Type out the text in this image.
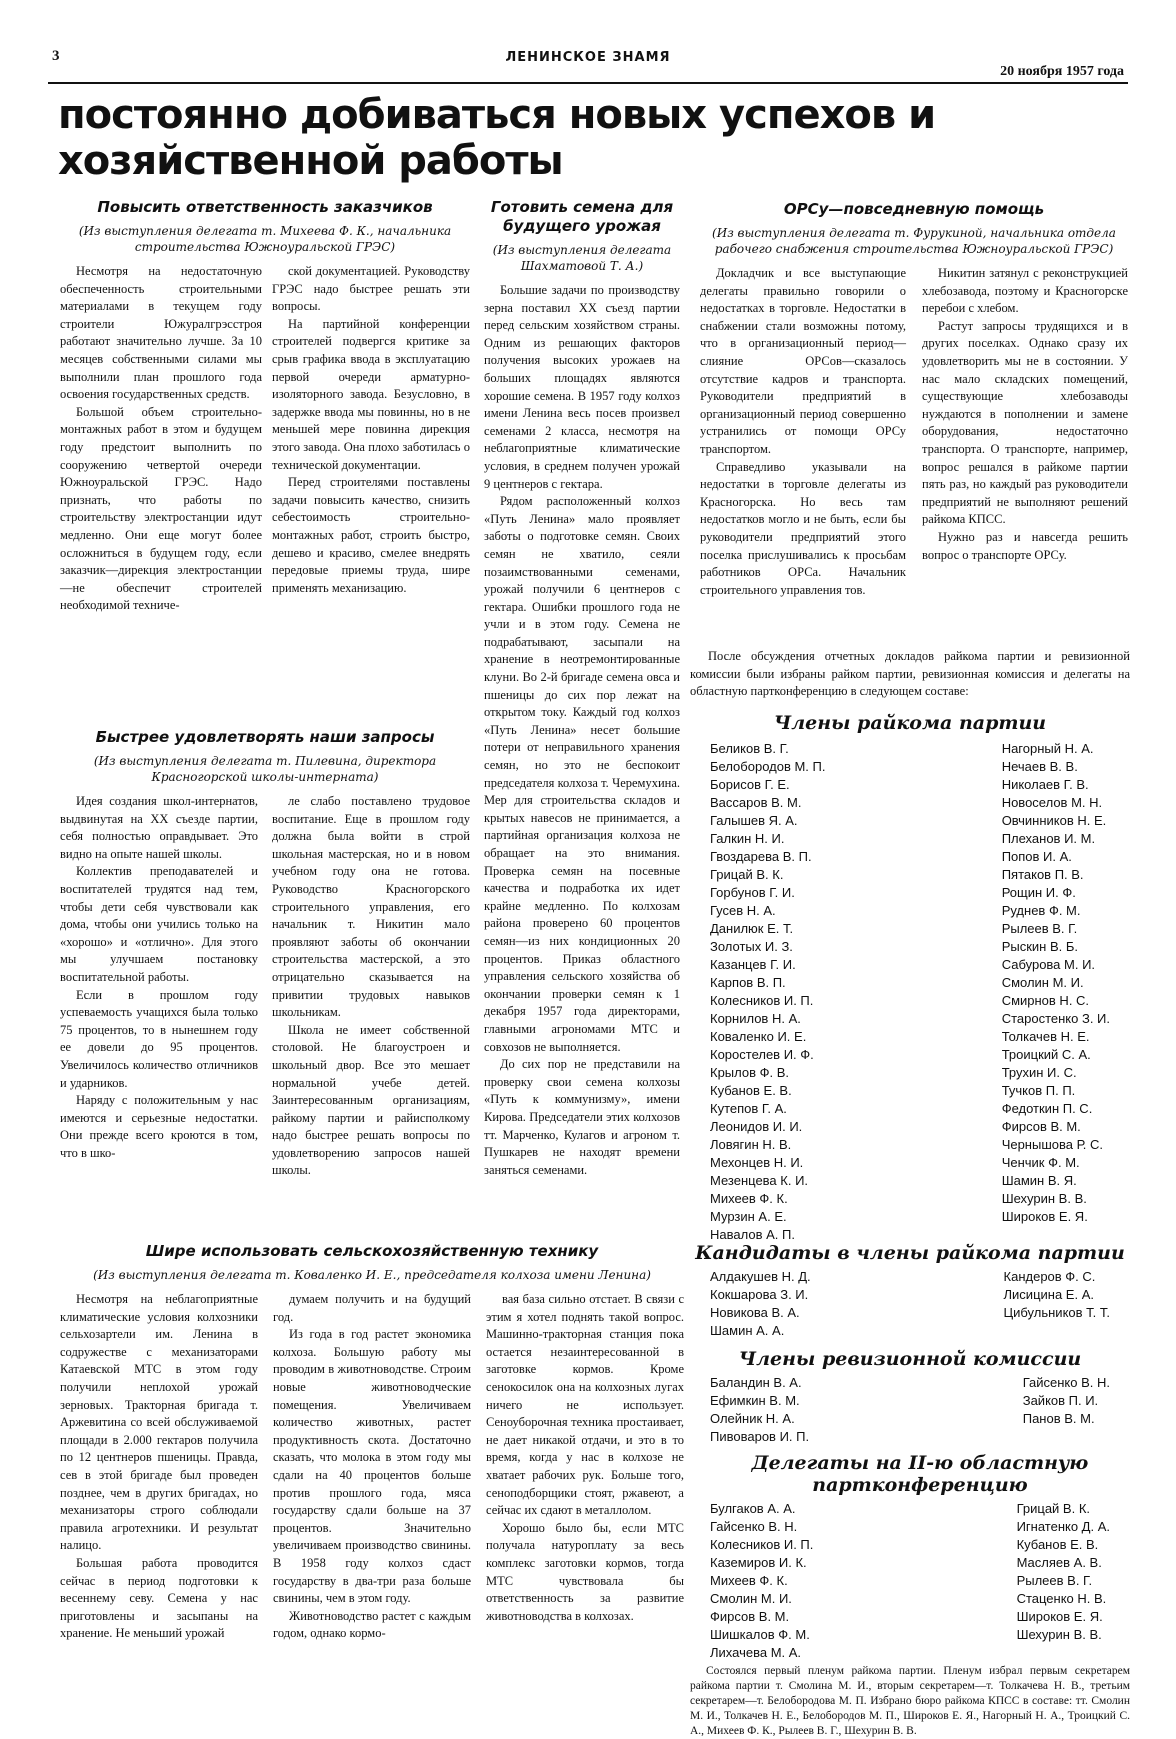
3	ЛЕНИНСКОЕ ЗНАМЯ
20 ноября 1957 года
постоянно добиваться новых успехов и хозяйственной работы
Повысить ответственность заказчиков
(Из выступления делегата т. Михеева Ф. К., начальника строительства Южноуральской ГРЭС)

Несмотря на недостаточную обеспеченность строительными материалами в текущем году строители Южуралгрэсстроя работают значительно лучше. За 10 месяцев собственными силами мы выполнили план прошлого года освоения государственных средств.

Большой объем строительно-монтажных работ в этом и будущем году предстоит выполнить по сооружению четвертой очереди Южноуральской ГРЭС. Надо признать, что работы по строительству электростанции идут медленно. Они еще могут более осложниться в будущем году, если заказчик—дирекция электростанции—не обеспечит строителей необходимой техниче-

ской документацией. Руководству ГРЭС надо быстрее решать эти вопросы.

На партийной конференции строителей подвергся критике за срыв графика ввода в эксплуатацию первой очереди арматурно-изоляторного завода. Безусловно, в задержке ввода мы повинны, но в не меньшей мере повинна дирекция этого завода. Она плохо заботилась о технической документации.

Перед строителями поставлены задачи повысить качество, снизить себестоимость строительно-монтажных работ, строить быстро, дешево и красиво, смелее внедрять передовые приемы труда, шире применять механизацию.

Готовить семена для будущего урожая
(Из выступления делегата Шахматовой Т. А.)

Большие задачи по производству зерна поставил XX съезд партии перед сельским хозяйством страны. Одним из решающих факторов получения высоких урожаев на больших площадях являются хорошие семена. В 1957 году колхоз имени Ленина весь посев произвел семенами 2 класса, несмотря на неблагоприятные климатические условия, в среднем получен урожай 9 центнеров с гектара.

Рядом расположенный колхоз «Путь Ленина» мало проявляет заботы о подготовке семян. Своих семян не хватило, сеяли позаимствованными семенами, урожай получили 6 центнеров с гектара. Ошибки прошлого года не учли и в этом году. Семена не подрабатывают, засыпали на хранение в неотремонтированные клуни. Во 2-й бригаде семена овса и пшеницы до сих пор лежат на открытом току. Каждый год колхоз «Путь Ленина» несет большие потери от неправильного хранения семян, но это не беспокоит председателя колхоза т. Черемухина. Мер для строительства складов и крытых навесов не принимается, а партийная организация колхоза не обращает на это внимания. Проверка семян на посевные качества и подработка их идет крайне медленно. По колхозам района проверено 60 процентов семян—из них кондиционных 20 процентов. Приказ областного управления сельского хозяйства об окончании проверки семян к 1 декабря 1957 года директорами, главными агрономами МТС и совхозов не выполняется.

До сих пор не представили на проверку свои семена колхозы «Путь к коммунизму», имени Кирова. Председатели этих колхозов тт. Марченко, Кулагов и агроном т. Пушкарев не находят времени заняться семенами.

ОРСу—повседневную помощь
(Из выступления делегата т. Фурукиной, начальника отдела рабочего снабжения строительства Южноуральской ГРЭС)

Докладчик и все выступающие делегаты правильно говорили о недостатках в торговле. Недостатки в снабжении стали возможны потому, что в организационный период—слияние ОРСов—сказалось отсутствие кадров и транспорта. Руководители предприятий в организационный период совершенно устранились от помощи ОРСу транспортом.

Справедливо указывали на недостатки в торговле делегаты из Красногорска. Но весь там недостатков могло и не быть, если бы руководители предприятий этого поселка прислушивались к просьбам работников ОРСа. Начальник строительного управления тов.

Никитин затянул с реконструкцией хлебозавода, поэтому и Красногорске перебои с хлебом.

Растут запросы трудящихся и в других поселках. Однако сразу их удовлетворить мы не в состоянии. У нас мало складских помещений, существующие хлебозаводы нуждаются в пополнении и замене оборудования, недостаточно транспорта. О транспорте, например, вопрос решался в райкоме партии пять раз, но каждый раз руководители предприятий не выполняют решений райкома КПСС.

Нужно раз и навсегда решить вопрос о транспорте ОРСу.

Быстрее удовлетворять наши запросы
(Из выступления делегата т. Пилевина, директора Красногорской школы-интерната)

Идея создания школ-интернатов, выдвинутая на XX съезде партии, себя полностью оправдывает. Это видно на опыте нашей школы.

Коллектив преподавателей и воспитателей трудятся над тем, чтобы дети себя чувствовали как дома, чтобы они учились только на «хорошо» и «отлично». Для этого мы улучшаем постановку воспитательной работы.

Если в прошлом году успеваемость учащихся была только 75 процентов, то в нынешнем году ее довели до 95 процентов. Увеличилось количество отличников и ударников.

Наряду с положительным у нас имеются и серьезные недостатки. Они прежде всего кроются в том, что в шко-

ле слабо поставлено трудовое воспитание. Еще в прошлом году должна была войти в строй школьная мастерская, но и в новом учебном году она не готова. Руководство Красногорского строительного управления, его начальник т. Никитин мало проявляют заботы об окончании строительства мастерской, а это отрицательно сказывается на привитии трудовых навыков школьникам.

Школа не имеет собственной столовой. Не благоустроен и школьный двор. Все это мешает нормальной учебе детей. Заинтересованным организациям, райкому партии и райисполкому надо быстрее решать вопросы по удовлетворению запросов нашей школы.

Шире использовать сельскохозяйственную технику
(Из выступления делегата т. Коваленко И. Е., председателя колхоза имени Ленина)

Несмотря на неблагоприятные климатические условия колхозники сельхозартели им. Ленина в содружестве с механизаторами Катаевской МТС в этом году получили неплохой урожай зерновых. Тракторная бригада т. Аржевитина со всей обслуживаемой площади в 2.000 гектаров получила по 12 центнеров пшеницы. Правда, сев в этой бригаде был проведен позднее, чем в других бригадах, но механизаторы строго соблюдали правила агротехники. И результат налицо.

Большая работа проводится сейчас в период подготовки к весеннему севу. Семена у нас приготовлены и засыпаны на хранение. Не меньший урожай

думаем получить и на будущий год.

Из года в год растет экономика колхоза. Большую работу мы проводим в животноводстве. Строим новые животноводческие помещения. Увеличиваем количество животных, растет продуктивность скота. Достаточно сказать, что молока в этом году мы сдали на 40 процентов больше против прошлого года, мяса государству сдали больше на 37 процентов. Значительно увеличиваем производство свинины. В 1958 году колхоз сдаст государству в два-три раза больше свинины, чем в этом году.

Животноводство растет с каждым годом, однако кормо-

вая база сильно отстает. В связи с этим я хотел поднять такой вопрос. Машинно-тракторная станция пока остается незаинтересованной в заготовке кормов. Кроме сенокосилок она на колхозных лугах ничего не использует. Сеноуборочная техника простаивает, не дает никакой отдачи, и это в то время, когда у нас в колхозе не хватает рабочих рук. Больше того, сеноподборщики стоят, ржавеют, а сейчас их сдают в металлолом.

Хорошо было бы, если МТС получала натуроплату за весь комплекс заготовки кормов, тогда МТС чувствовала бы ответственность за развитие животноводства в колхозах.

После обсуждения отчетных докладов райкома партии и ревизионной комиссии были избраны райком партии, ревизионная комиссия и делегаты на областную партконференцию в следующем составе:
Члены райкома партии
Беликов В. Г.
Белобородов М. П.
Борисов Г. Е.
Вассаров В. М.
Галышев Я. А.
Галкин Н. И.
Гвоздарева В. П.
Грицай В. К.
Горбунов Г. И.
Гусев Н. А.
Данилюк Е. Т.
Золотых И. З.
Казанцев Г. И.
Карпов В. П.
Колесников И. П.
Корнилов Н. А.
Коваленко И. Е.
Коростелев И. Ф.
Крылов Ф. В.
Кубанов Е. В.
Кутепов Г. А.
Леонидов И. И.
Ловягин Н. В.
Мехонцев Н. И.
Мезенцева К. И.
Михеев Ф. К.
Мурзин А. Е.
Навалов А. П.
Нагорный Н. А.
Нечаев В. В.
Николаев Г. В.
Новоселов М. Н.
Овчинников Н. Е.
Плеханов И. М.
Попов И. А.
Пятаков П. В.
Рощин И. Ф.
Руднев Ф. М.
Рылеев В. Г.
Рыскин В. Б.
Сабурова М. И.
Смолин М. И.
Смирнов Н. С.
Старостенко З. И.
Толкачев Н. Е.
Троицкий С. А.
Трухин И. С.
Тучков П. П.
Федоткин П. С.
Фирсов В. М.
Чернышова Р. С.
Ченчик Ф. М.
Шамин В. Я.
Шехурин В. В.
Широков Е. Я.
Кандидаты в члены райкома партии
Алдакушев Н. Д.
Кокшарова З. И.
Новикова В. А.
Шамин А. А.
Кандеров Ф. С.
Лисицина Е. А.
Цибульников Т. Т.
Члены ревизионной комиссии
Баландин В. А.
Ефимкин В. М.
Олейник Н. А.
Пивоваров И. П.
Гайсенко В. Н.
Зайков П. И.
Панов В. М.
Делегаты на II-ю областную партконференцию
Булгаков А. А.
Гайсенко В. Н.
Колесников И. П.
Каземиров И. К.
Михеев Ф. К.
Смолин М. И.
Фирсов В. М.
Шишкалов Ф. М.
Лихачева М. А.
Грицай В. К.
Игнатенко Д. А.
Кубанов Е. В.
Масляев А. В.
Рылеев В. Г.
Стаценко Н. В.
Широков Е. Я.
Шехурин В. В.

Состоялся первый пленум райкома партии. Пленум избрал первым секретарем райкома партии т. Смолина М. И., вторым секретарем—т. Толкачева Н. В., третьим секретарем—т. Белобородова М. П. Избрано бюро райкома КПСС в составе: тт. Смолин М. И., Толкачев Н. Е., Белобородов М. П., Широков Е. Я., Нагорный Н. А., Троицкий С. А., Михеев Ф. К., Рылеев В. Г., Шехурин В. В.
